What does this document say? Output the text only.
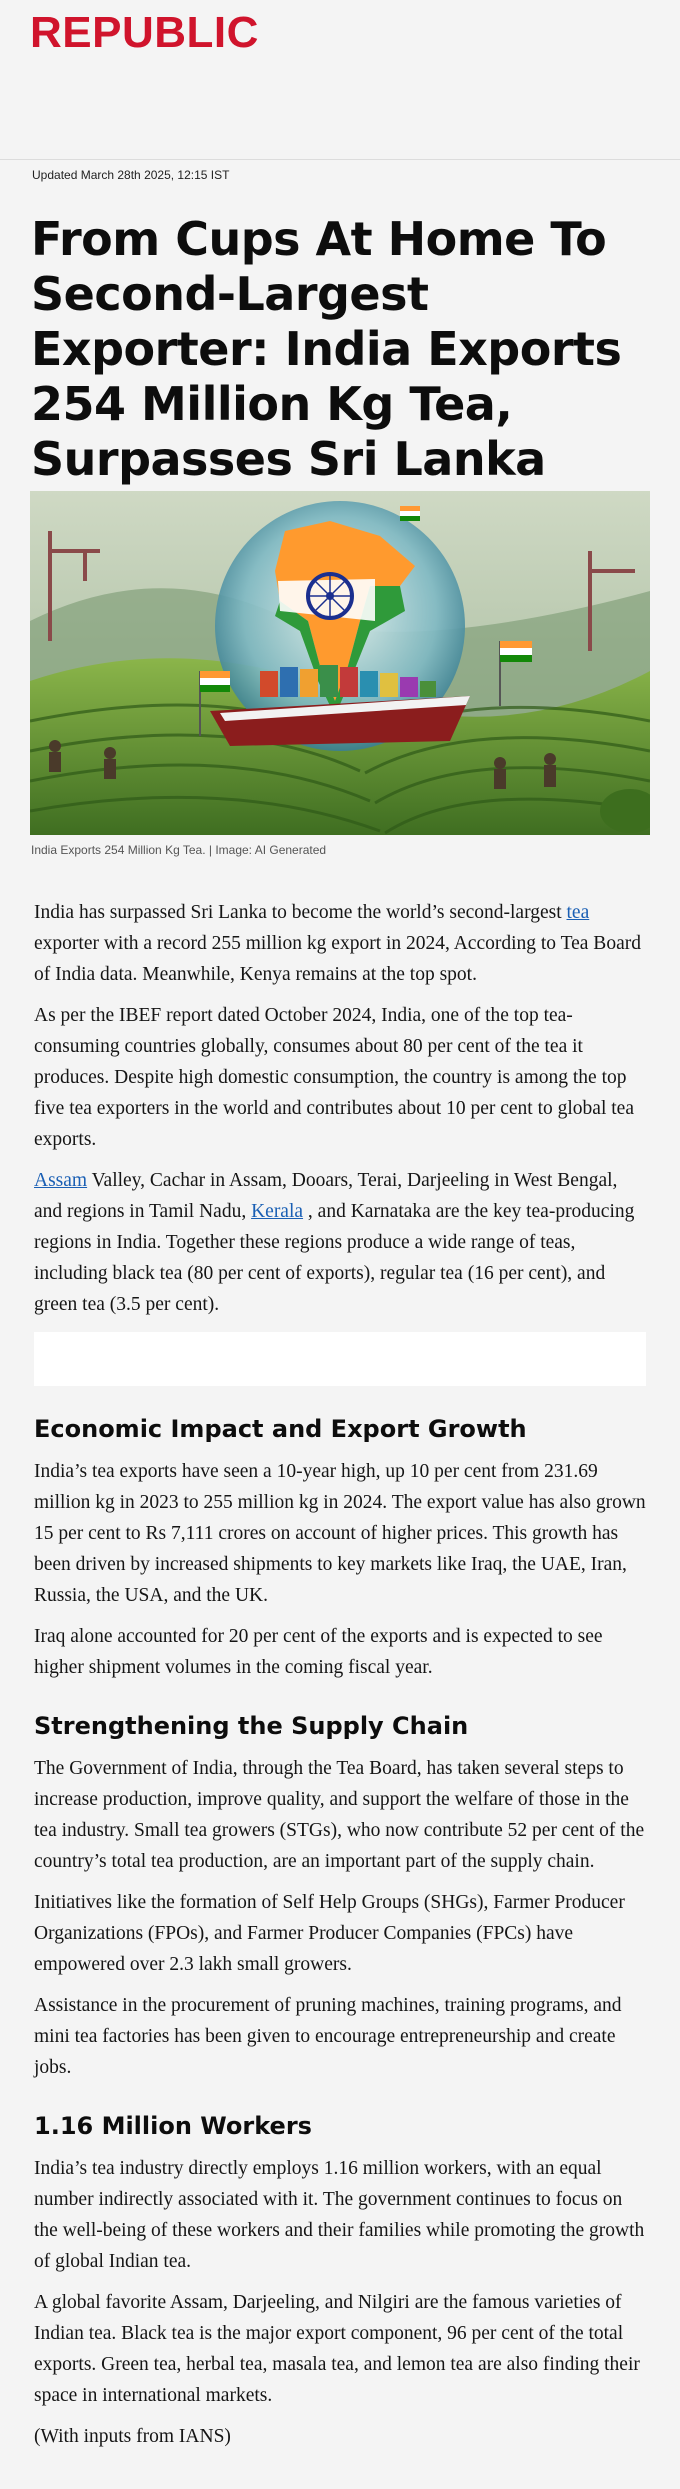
REPUBLIC
Updated March 28th 2025, 12:15 IST
From Cups At Home To Second-Largest Exporter: India Exports 254 Million Kg Tea, Surpasses Sri Lanka
India Exports 254 Million Kg Tea. | Image: AI Generated

India has surpassed Sri Lanka to become the world’s second-largest tea exporter with a record 255 million kg export in 2024, According to Tea Board of India data. Meanwhile, Kenya remains at the top spot.

As per the IBEF report dated October 2024, India, one of the top tea-consuming countries globally, consumes about 80 per cent of the tea it produces. Despite high domestic consumption, the country is among the top five tea exporters in the world and contributes about 10 per cent to global tea exports.

Assam Valley, Cachar in Assam, Dooars, Terai, Darjeeling in West Bengal, and regions in Tamil Nadu, Kerala , and Karnataka are the key tea-producing regions in India. Together these regions produce a wide range of teas, including black tea (80 per cent of exports), regular tea (16 per cent), and green tea (3.5 per cent).

Economic Impact and Export Growth

India’s tea exports have seen a 10-year high, up 10 per cent from 231.69 million kg in 2023 to 255 million kg in 2024. The export value has also grown 15 per cent to Rs 7,111 crores on account of higher prices. This growth has been driven by increased shipments to key markets like Iraq, the UAE, Iran, Russia, the USA, and the UK.

Iraq alone accounted for 20 per cent of the exports and is expected to see higher shipment volumes in the coming fiscal year.

Strengthening the Supply Chain

The Government of India, through the Tea Board, has taken several steps to increase production, improve quality, and support the welfare of those in the tea industry. Small tea growers (STGs), who now contribute 52 per cent of the country’s total tea production, are an important part of the supply chain.

Initiatives like the formation of Self Help Groups (SHGs), Farmer Producer Organizations (FPOs), and Farmer Producer Companies (FPCs) have empowered over 2.3 lakh small growers.

Assistance in the procurement of pruning machines, training programs, and mini tea factories has been given to encourage entrepreneurship and create jobs.

1.16 Million Workers

India’s tea industry directly employs 1.16 million workers, with an equal number indirectly associated with it. The government continues to focus on the well-being of these workers and their families while promoting the growth of global Indian tea.

A global favorite Assam, Darjeeling, and Nilgiri are the famous varieties of Indian tea. Black tea is the major export component, 96 per cent of the total exports. Green tea, herbal tea, masala tea, and lemon tea are also finding their space in international markets.

(With inputs from IANS)
